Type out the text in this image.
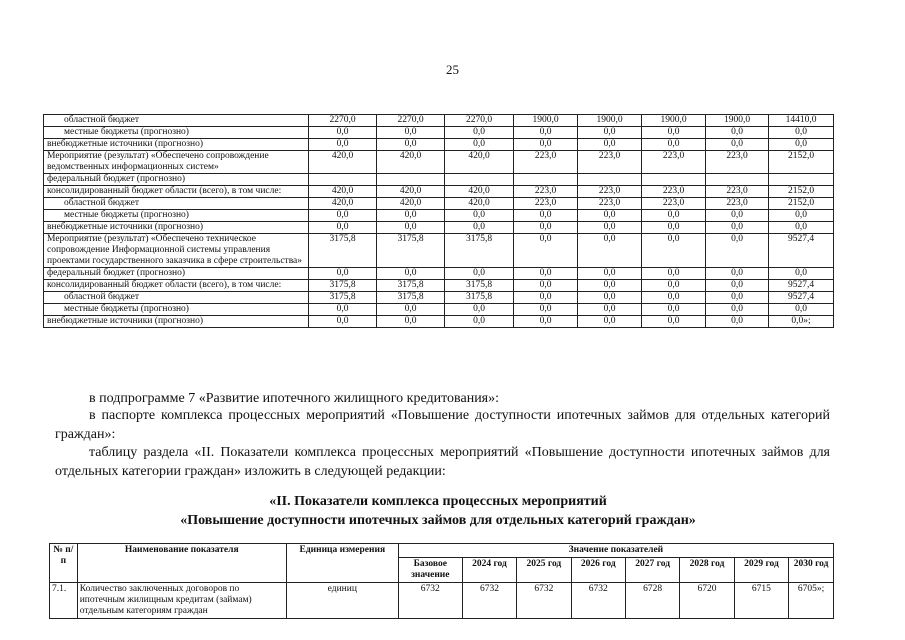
25
областной бюджет	2270,0	2270,0	2270,0	1900,0	1900,0	1900,0	1900,0	14410,0
местные бюджеты (прогнозно)	0,0	0,0	0,0	0,0	0,0	0,0	0,0	0,0
внебюджетные источники (прогнозно)	0,0	0,0	0,0	0,0	0,0	0,0	0,0	0,0
Мероприятие (результат) «Обеспечено сопровождение ведомственных информационных систем»	420,0	420,0	420,0	223,0	223,0	223,0	223,0	2152,0
федеральный бюджет (прогнозно)								
консолидированный бюджет области (всего), в том числе:	420,0	420,0	420,0	223,0	223,0	223,0	223,0	2152,0
областной бюджет	420,0	420,0	420,0	223,0	223,0	223,0	223,0	2152,0
местные бюджеты (прогнозно)	0,0	0,0	0,0	0,0	0,0	0,0	0,0	0,0
внебюджетные источники (прогнозно)	0,0	0,0	0,0	0,0	0,0	0,0	0,0	0,0
Мероприятие (результат) «Обеспечено техническое сопровождение Информационной системы управления проектами государственного заказчика в сфере строительства»	3175,8	3175,8	3175,8	0,0	0,0	0,0	0,0	9527,4
федеральный бюджет (прогнозно)	0,0	0,0	0,0	0,0	0,0	0,0	0,0	0,0
консолидированный бюджет области (всего), в том числе:	3175,8	3175,8	3175,8	0,0	0,0	0,0	0,0	9527,4
областной бюджет	3175,8	3175,8	3175,8	0,0	0,0	0,0	0,0	9527,4
местные бюджеты (прогнозно)	0,0	0,0	0,0	0,0	0,0	0,0	0,0	0,0
внебюджетные источники (прогнозно)	0,0	0,0	0,0	0,0	0,0	0,0	0,0	0,0»;

в подпрограмме 7 «Развитие ипотечного жилищного кредитования»:

в паспорте комплекса процессных мероприятий «Повышение доступности ипотечных займов для отдельных категорий граждан»:

таблицу раздела «II. Показатели комплекса процессных мероприятий «Повышение доступности ипотечных займов для отдельных категории граждан» изложить в следующей редакции:

«II. Показатели комплекса процессных мероприятий
«Повышение доступности ипотечных займов для отдельных категорий граждан»
№ п/п	Наименование показателя	Единица измерения	Значение показателей							
			Базовое значение	2024 год	2025 год	2026 год	2027 год	2028 год	2029 год	2030 год
7.1.	Количество заключенных договоров по ипотечным жилищным кредитам (займам) отдельным категориям граждан	единиц	6732	6732	6732	6732	6728	6720	6715	6705»;
